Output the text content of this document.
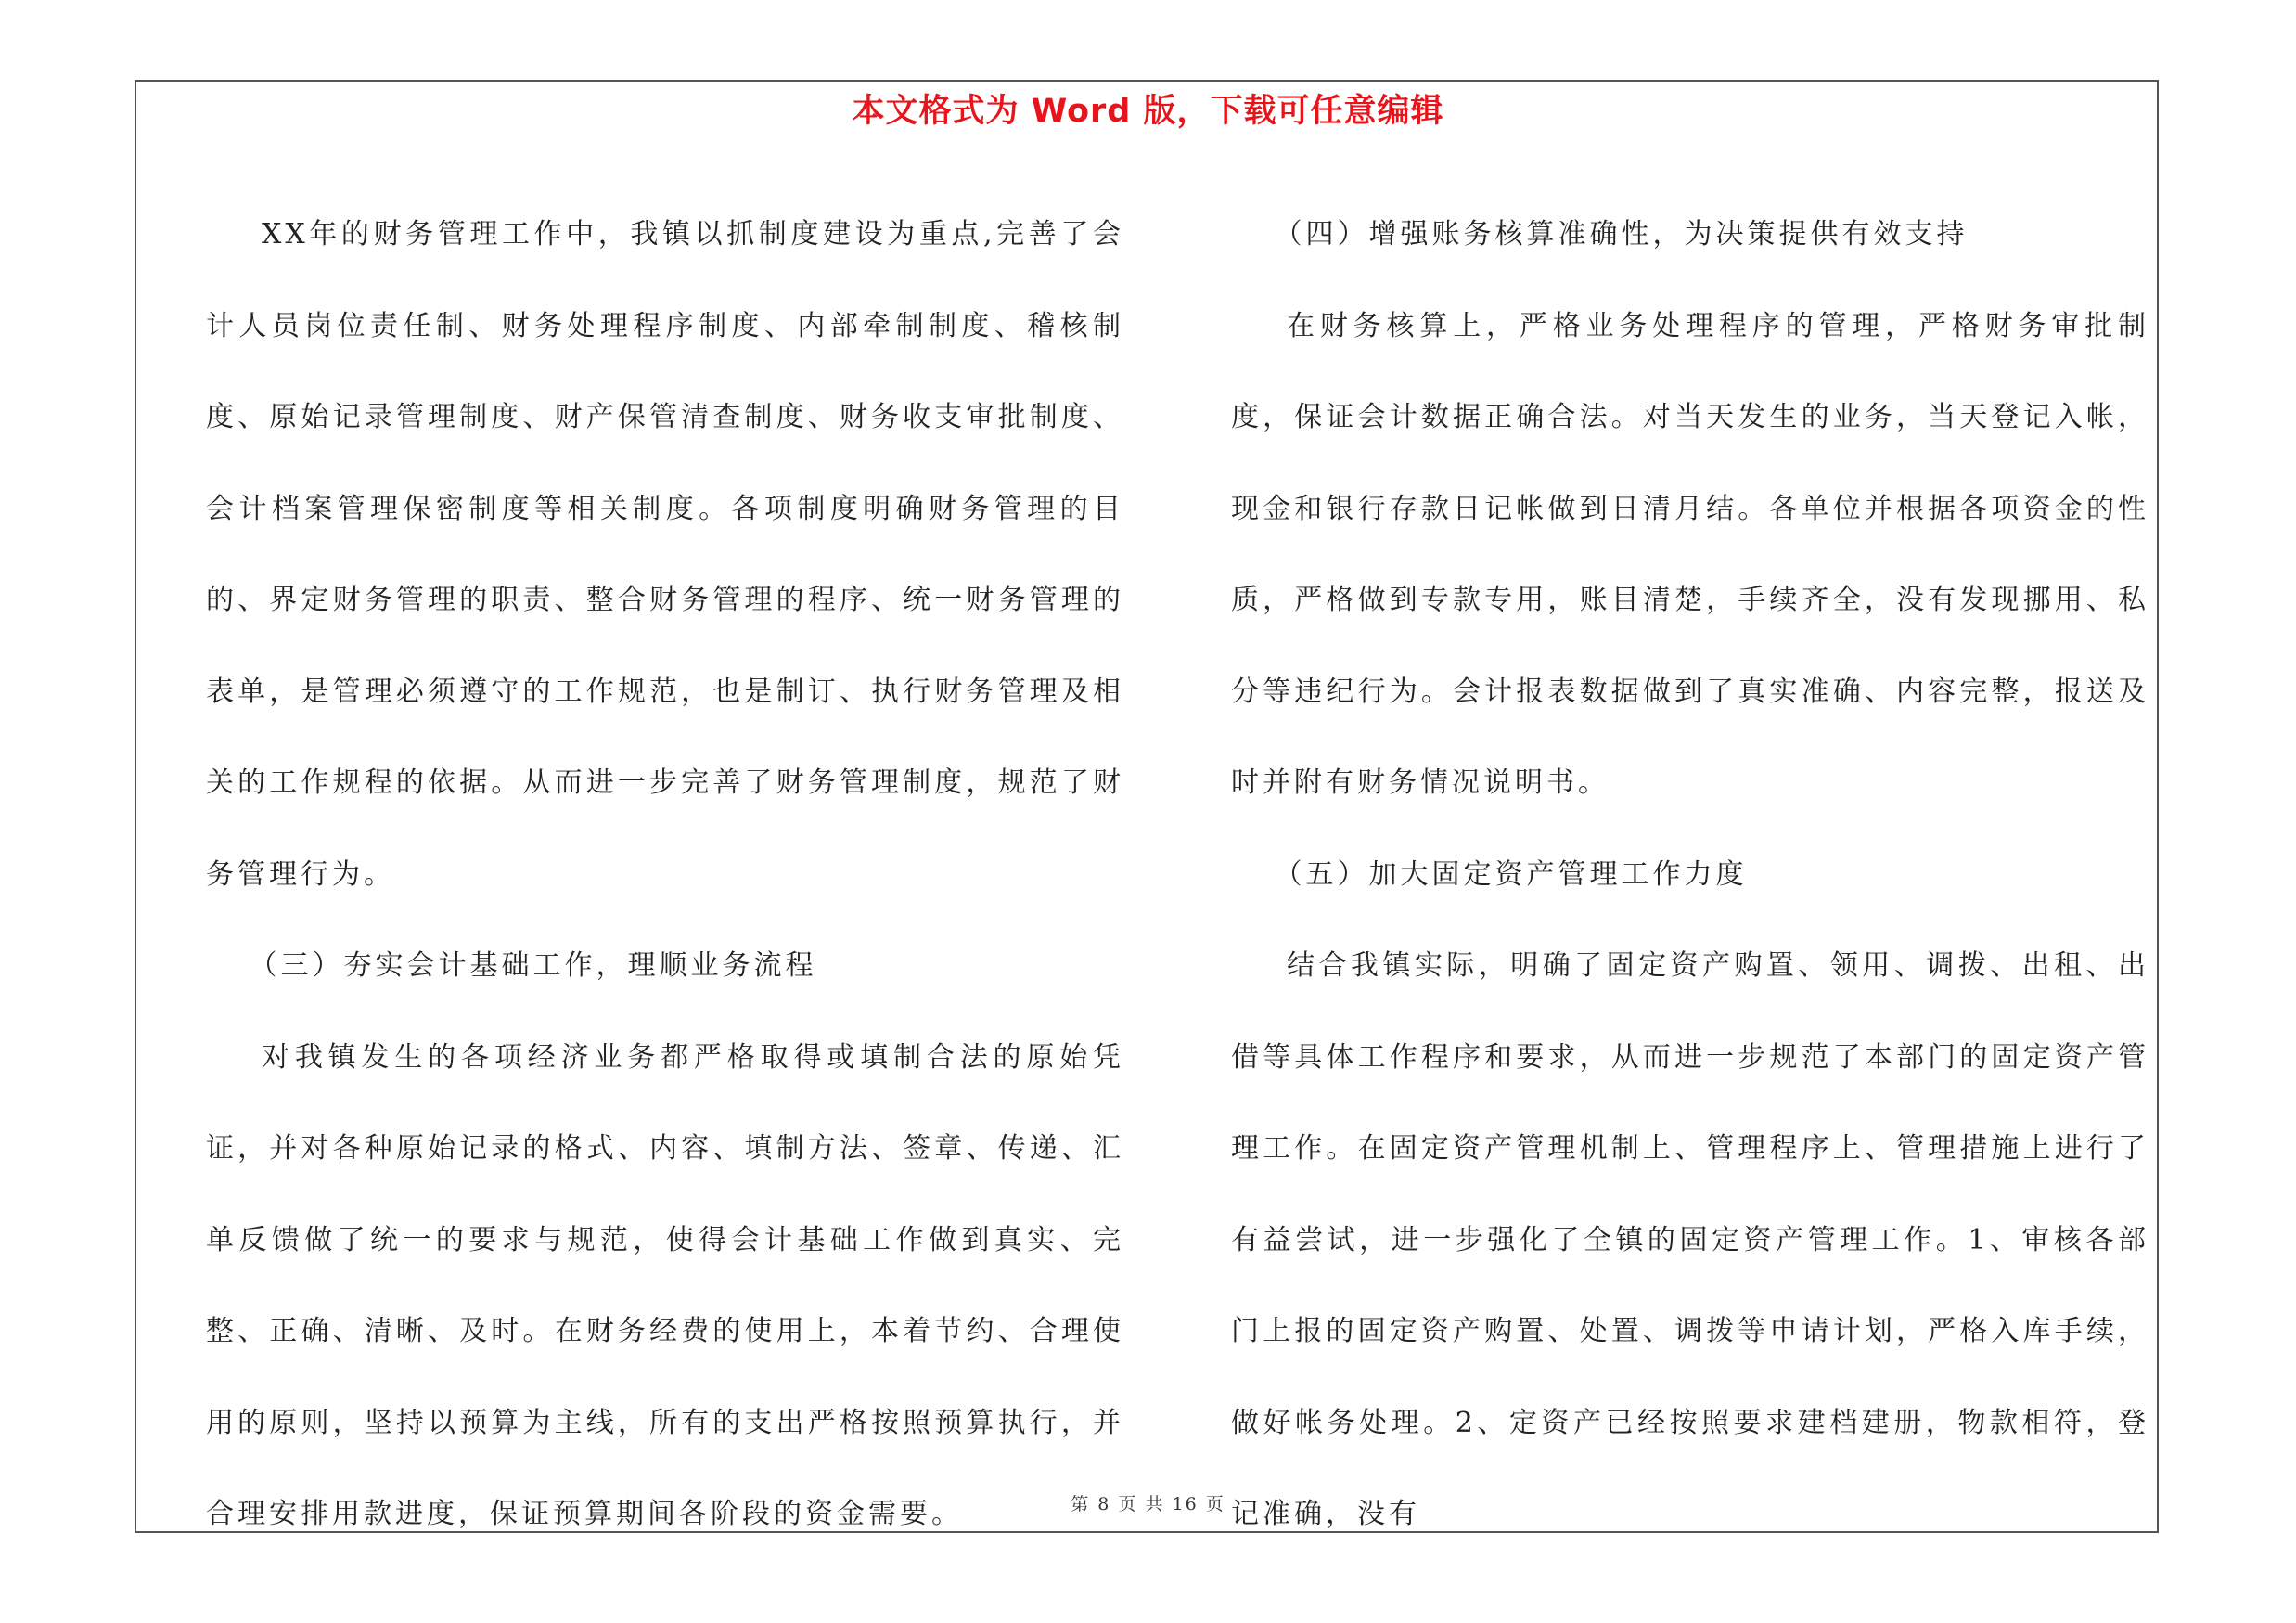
本文格式为 Word 版，下载可任意编辑

XX年的财务管理工作中，我镇以抓制度建设为重点,完善了会计人员岗位责任制、财务处理程序制度、内部牵制制度、稽核制度、原始记录管理制度、财产保管清查制度、财务收支审批制度、会计档案管理保密制度等相关制度。各项制度明确财务管理的目的、界定财务管理的职责、整合财务管理的程序、统一财务管理的表单，是管理必须遵守的工作规范，也是制订、执行财务管理及相关的工作规程的依据。从而进一步完善了财务管理制度，规范了财务管理行为。

（三）夯实会计基础工作，理顺业务流程

对我镇发生的各项经济业务都严格取得或填制合法的原始凭证，并对各种原始记录的格式、内容、填制方法、签章、传递、汇单反馈做了统一的要求与规范，使得会计基础工作做到真实、完整、正确、清晰、及时。在财务经费的使用上，本着节约、合理使用的原则，坚持以预算为主线，所有的支出严格按照预算执行，并合理安排用款进度，保证预算期间各阶段的资金需要。

（四）增强账务核算准确性，为决策提供有效支持

在财务核算上，严格业务处理程序的管理，严格财务审批制度，保证会计数据正确合法。对当天发生的业务，当天登记入帐，现金和银行存款日记帐做到日清月结。各单位并根据各项资金的性质，严格做到专款专用，账目清楚，手续齐全，没有发现挪用、私分等违纪行为。会计报表数据做到了真实准确、内容完整，报送及时并附有财务情况说明书。

（五）加大固定资产管理工作力度

结合我镇实际，明确了固定资产购置、领用、调拨、出租、出借等具体工作程序和要求，从而进一步规范了本部门的固定资产管理工作。在固定资产管理机制上、管理程序上、管理措施上进行了有益尝试，进一步强化了全镇的固定资产管理工作。1、审核各部门上报的固定资产购置、处置、调拨等申请计划，严格入库手续，做好帐务处理。2、定资产已经按照要求建档建册，物款相符，登记准确，没有

第 8 页 共 16 页
